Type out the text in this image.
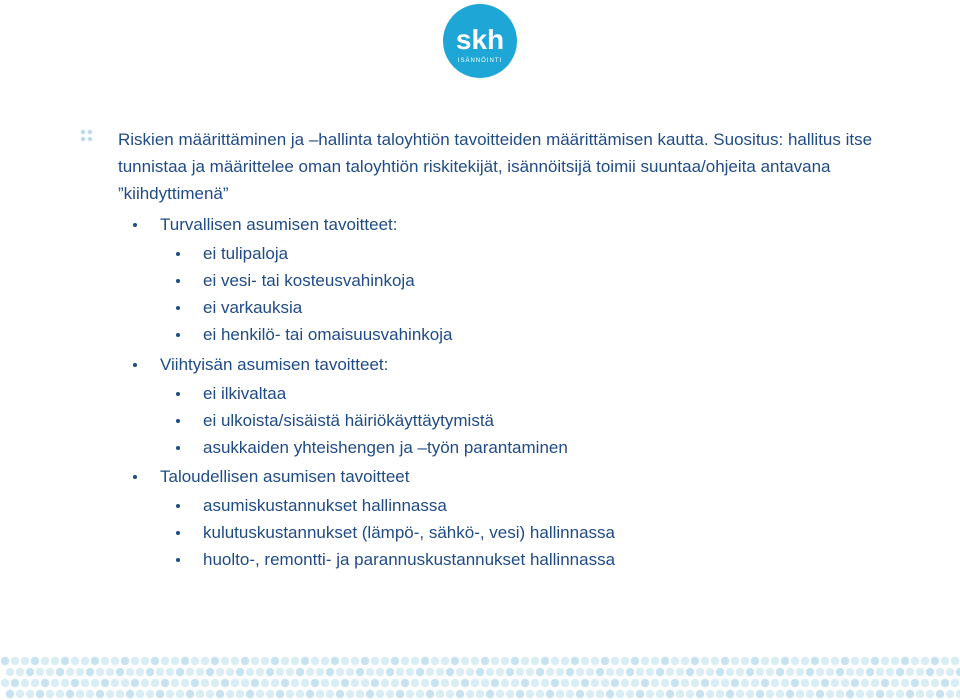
skh
ISÄNNÖINTI
Riskien määrittäminen ja –hallinta taloyhtiön tavoitteiden määrittämisen kautta. Suositus: hallitus itse tunnistaa ja määrittelee oman taloyhtiön riskitekijät, isännöitsijä toimii suuntaa/ohjeita antavana ”kiihdyttimenä”
Turvallisen asumisen tavoitteet:
ei tulipaloja
ei vesi- tai kosteusvahinkoja
ei varkauksia
ei henkilö- tai omaisuusvahinkoja
Viihtyisän asumisen tavoitteet:
ei ilkivaltaa
ei ulkoista/sisäistä häiriökäyttäytymistä
asukkaiden yhteishengen ja –työn parantaminen
Taloudellisen asumisen tavoitteet
asumiskustannukset hallinnassa
kulutuskustannukset (lämpö-, sähkö-, vesi) hallinnassa
huolto-, remontti- ja parannuskustannukset hallinnassa
